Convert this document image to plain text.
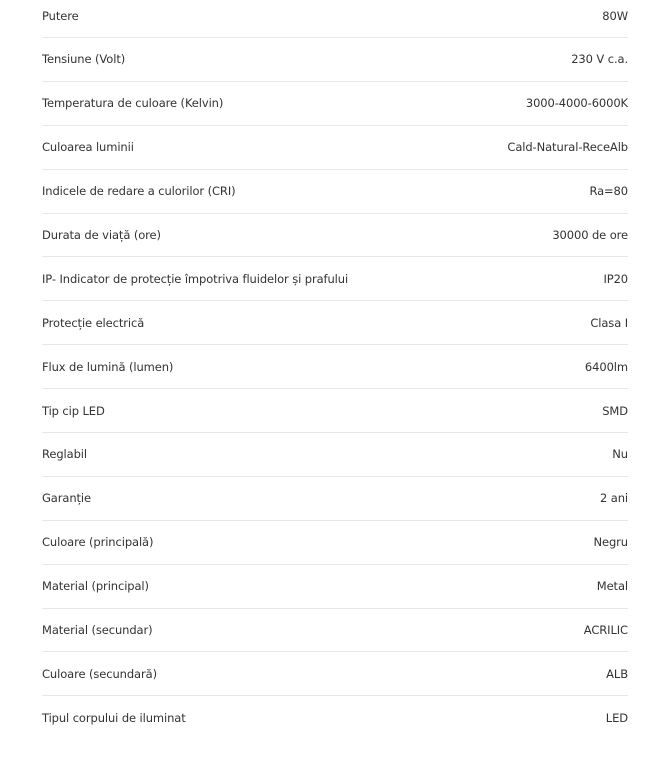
Putere	80W
Tensiune (Volt)	230 V c.a.
Temperatura de culoare (Kelvin)	3000-4000-6000K
Culoarea luminii	Cald-Natural-ReceAlb
Indicele de redare a culorilor (CRI)	Ra=80
Durata de viață (ore)	30000 de ore
IP- Indicator de protecție împotriva fluidelor și prafului	IP20
Protecție electrică	Clasa I
Flux de lumină (lumen)	6400lm
Tip cip LED	SMD
Reglabil	Nu
Garanție	2 ani
Culoare (principală)	Negru
Material (principal)	Metal
Material (secundar)	ACRILIC
Culoare (secundară)	ALB
Tipul corpului de iluminat	LED
